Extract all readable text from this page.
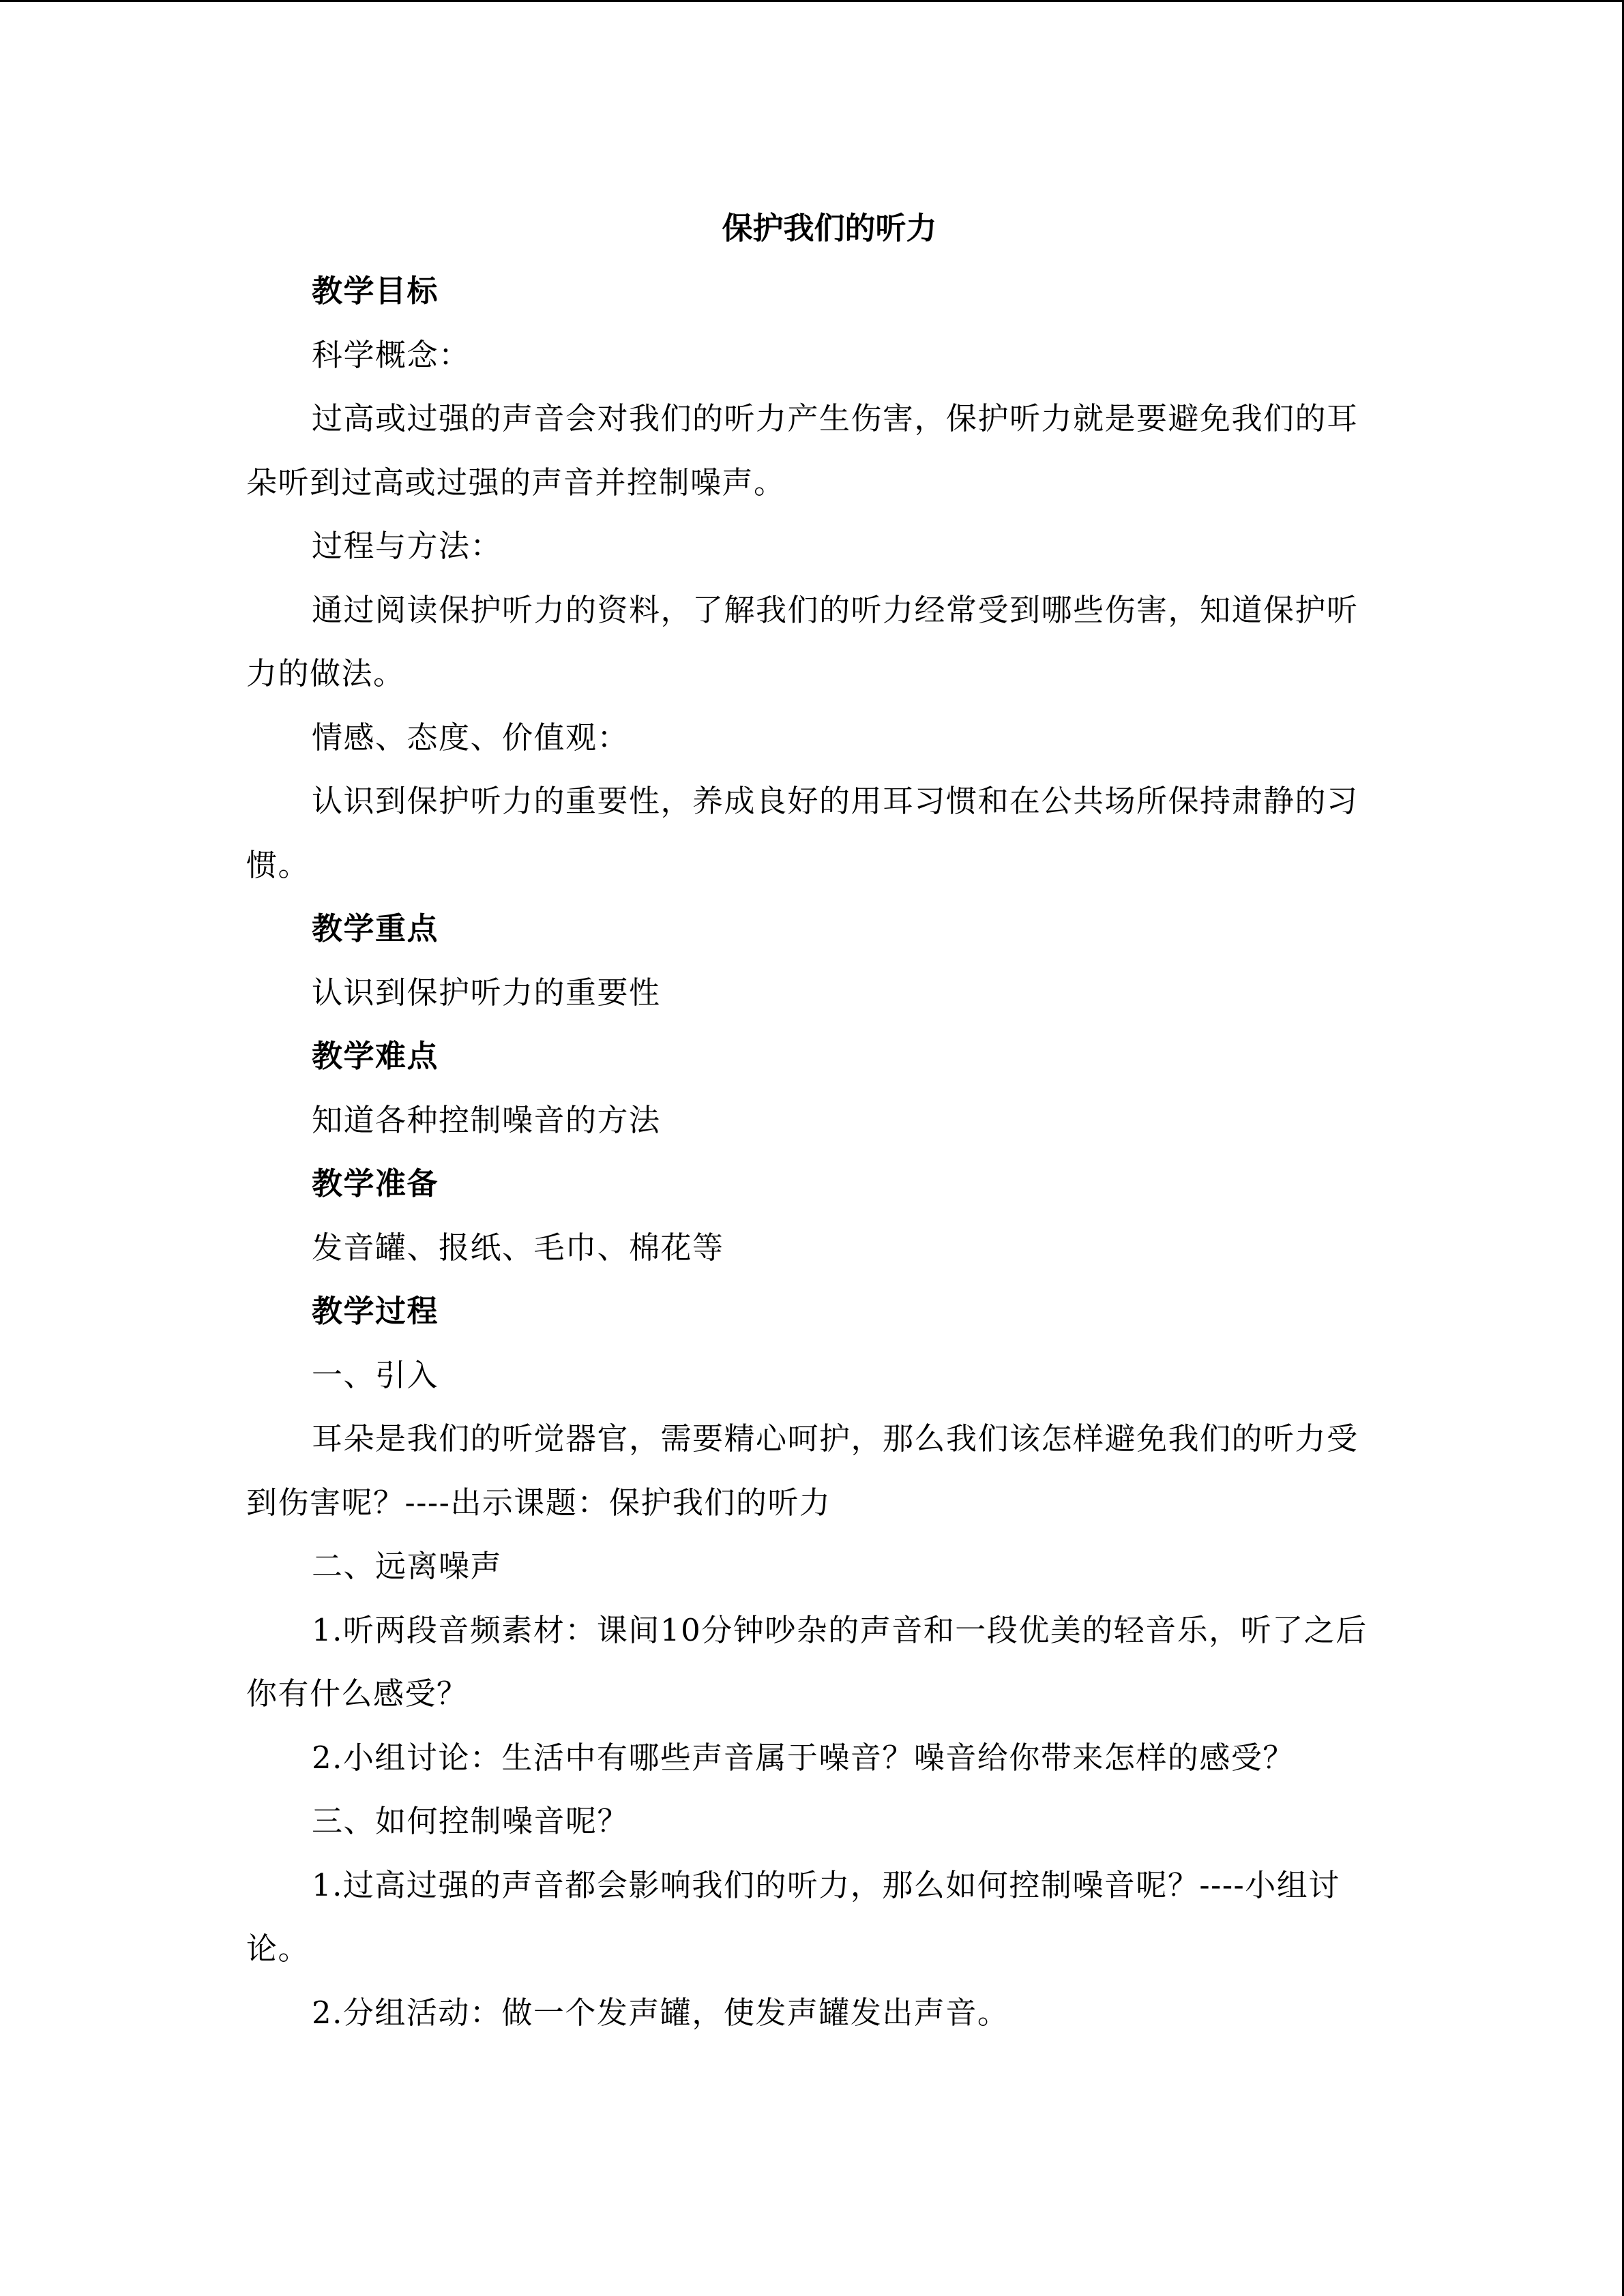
保护我们的听力

教学目标

科学概念：

过高或过强的声音会对我们的听力产生伤害，保护听力就是要避免我们的耳朵听到过高或过强的声音并控制噪声。

过程与方法：

通过阅读保护听力的资料，了解我们的听力经常受到哪些伤害，知道保护听力的做法。

情感、态度、价值观：

认识到保护听力的重要性，养成良好的用耳习惯和在公共场所保持肃静的习惯。

教学重点

认识到保护听力的重要性

教学难点

知道各种控制噪音的方法

教学准备

发音罐、报纸、毛巾、棉花等

教学过程

一、引入

耳朵是我们的听觉器官，需要精心呵护，那么我们该怎样避免我们的听力受到伤害呢？----出示课题：保护我们的听力

二、远离噪声

1.听两段音频素材：课间10分钟吵杂的声音和一段优美的轻音乐，听了之后你有什么感受？

2.小组讨论：生活中有哪些声音属于噪音？噪音给你带来怎样的感受？

三、如何控制噪音呢？

1.过高过强的声音都会影响我们的听力，那么如何控制噪音呢？----小组讨论。

2.分组活动：做一个发声罐，使发声罐发出声音。
